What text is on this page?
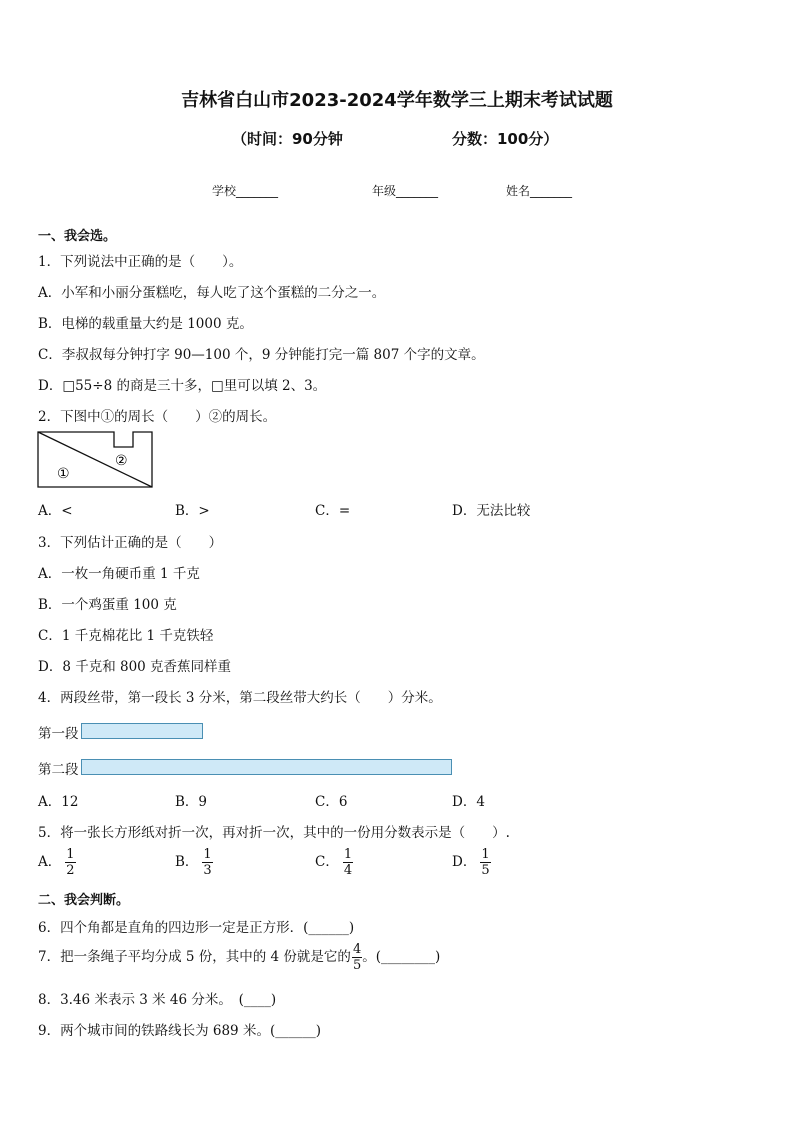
吉林省白山市2023-2024学年数学三上期末考试试题
（时间：90分钟	分数：100分）
学校_______	年级_______	姓名_______
一、我会选。
1．下列说法中正确的是（　　）。
A．小军和小丽分蛋糕吃，每人吃了这个蛋糕的二分之一。
B．电梯的载重量大约是 1000 克。
C．李叔叔每分钟打字 90—100 个，9 分钟能打完一篇 807 个字的文章。
D．□55÷8 的商是三十多，□里可以填 2、3。
2．下图中①的周长（　　）②的周长。
①
②
A．<	B．>	C．=	D．无法比较
3．下列估计正确的是（　　）
A．一枚一角硬币重 1 千克
B．一个鸡蛋重 100 克
C．1 千克棉花比 1 千克铁轻
D．8 千克和 800 克香蕉同样重
4．两段丝带，第一段长 3 分米，第二段丝带大约长（　　）分米。
第一段
第二段
A．12	B．9	C．6	D．4
5．将一张长方形纸对折一次，再对折一次，其中的一份用分数表示是（　　）.
A． $\frac{1}{2}$	B． $\frac{1}{3}$	C． $\frac{1}{4}$	D． $\frac{1}{5}$
二、我会判断。
6．四个角都是直角的四边形一定是正方形．(______)
7．把一条绳子平均分成 5 份，其中的 4 份就是它的 $\frac{4}{5}$ 。(________)
8．3.46 米表示 3 米 46 分米。　(____)
9．两个城市间的铁路线长为 689 米。(______)
